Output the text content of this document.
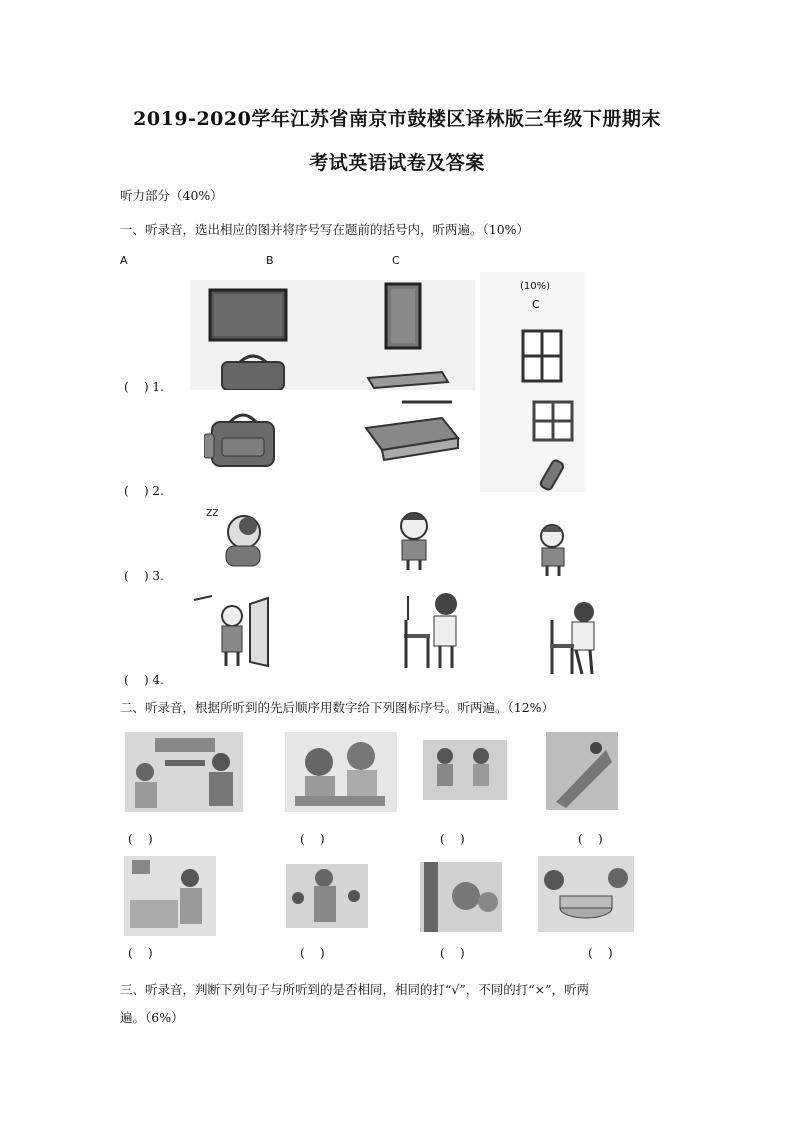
2019-2020学年江苏省南京市鼓楼区译林版三年级下册期末
考试英语试卷及答案
听力部分（40%）
一、听录音，选出相应的图并将序号写在题前的括号内，听两遍。（10%）
A	B	C
(10%)
C
(    ) 1.
(    ) 2.
zz
(    ) 3.
(    ) 4.
二、听录音，根据所听到的先后顺序用数字给下列图标序号。听两遍。（12%）
(    )	(    )	(    )	(    )
(    )	(    )	(    )	(    )
三、听录音，判断下列句子与所听到的是否相同，相同的打“√”，不同的打“×”，听两
遍。（6%）
